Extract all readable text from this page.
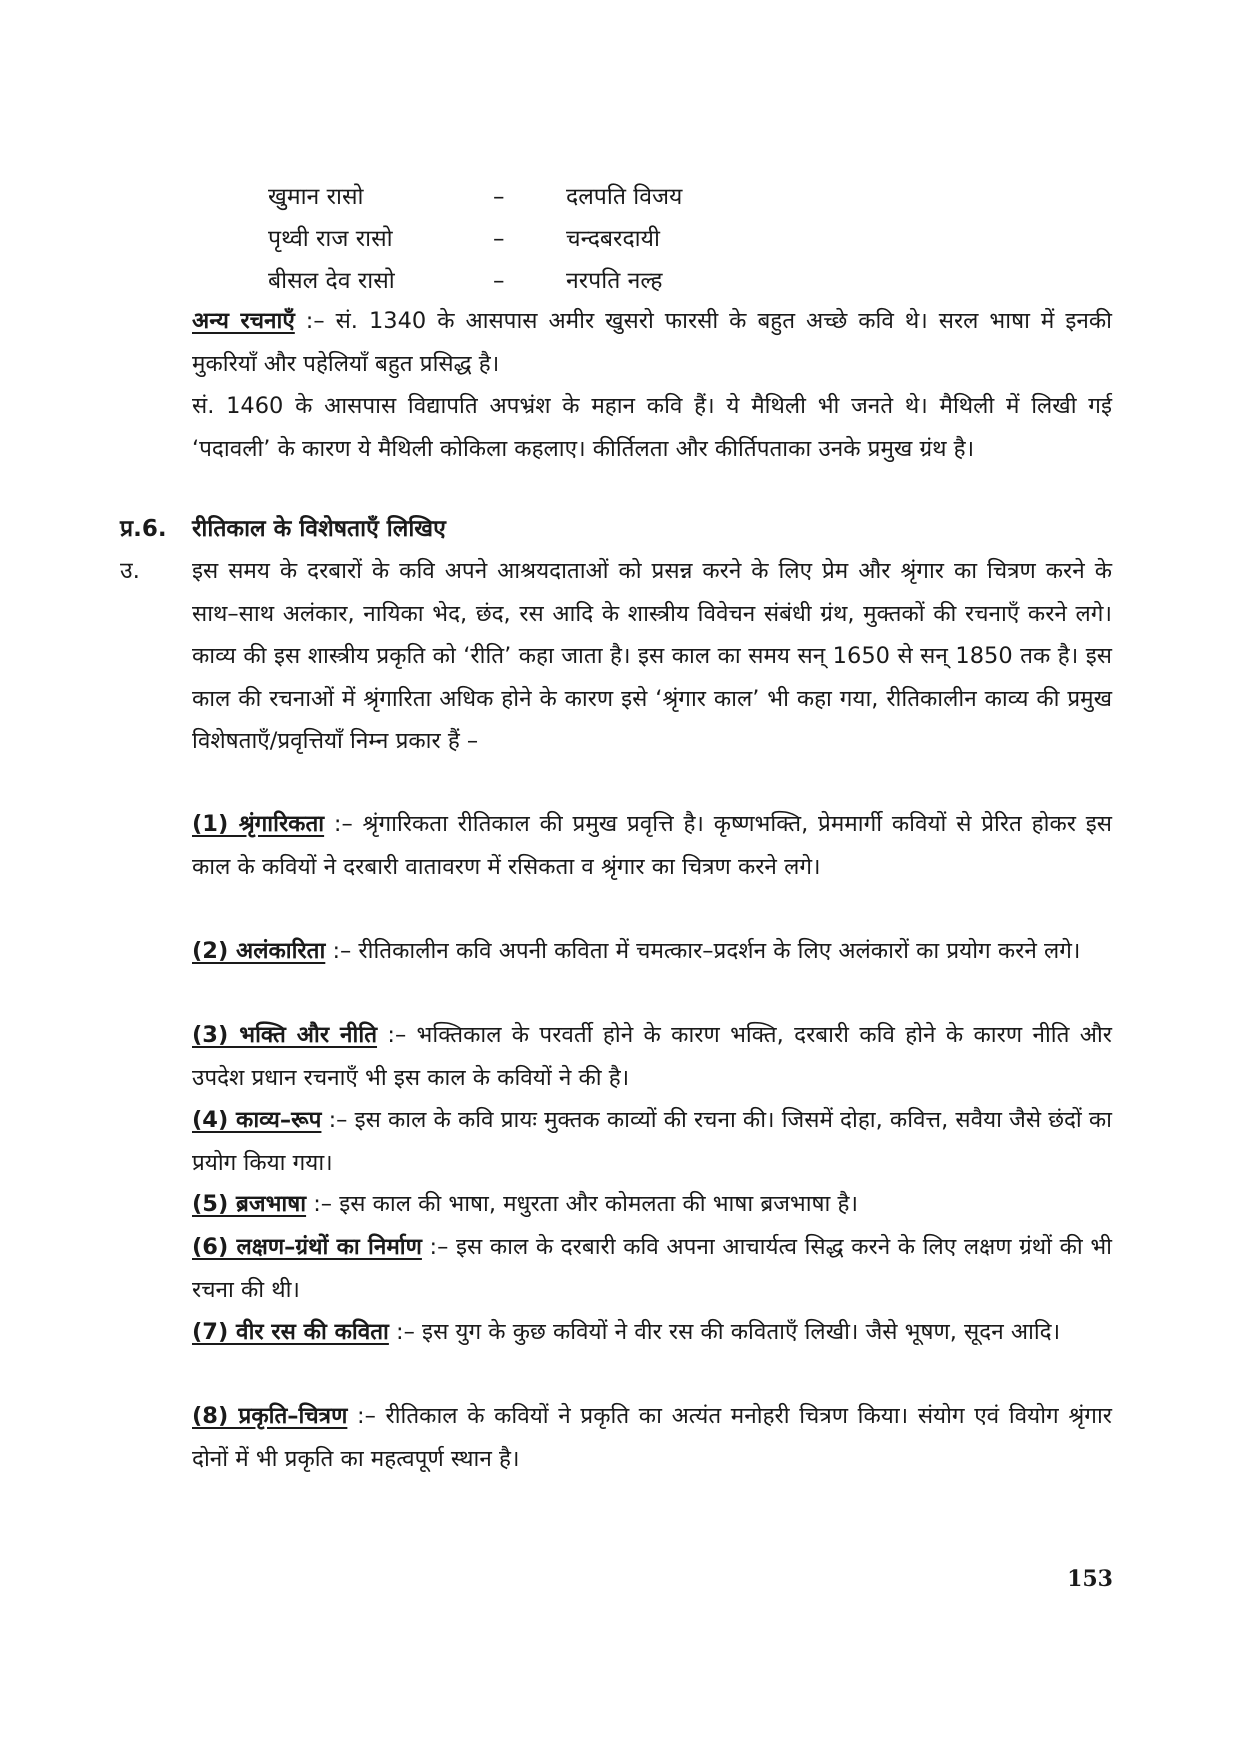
खुमान रासो	–	दलपति विजय
पृथ्वी राज रासो	–	चन्दबरदायी
बीसल देव रासो	–	नरपति नल्ह
अन्य रचनाएँ :– सं. 1340 के आसपास अमीर खुसरो फारसी के बहुत अच्छे कवि थे। सरल भाषा में इनकी मुकरियाँ और पहेलियाँ बहुत प्रसिद्ध है।
सं. 1460 के आसपास विद्यापति अपभ्रंश के महान कवि हैं। ये मैथिली भी जनते थे। मैथिली में लिखी गई ‘पदावली’ के कारण ये मैथिली कोकिला कहलाए। कीर्तिलता और कीर्तिपताका उनके प्रमुख ग्रंथ है।
प्र.6. रीतिकाल के विशेषताएँ लिखिए
उ. इस समय के दरबारों के कवि अपने आश्रयदाताओं को प्रसन्न करने के लिए प्रेम और श्रृंगार का चित्रण करने के साथ–साथ अलंकार, नायिका भेद, छंद, रस आदि के शास्त्रीय विवेचन संबंधी ग्रंथ, मुक्तकों की रचनाएँ करने लगे। काव्य की इस शास्त्रीय प्रकृति को ‘रीति’ कहा जाता है। इस काल का समय सन् 1650 से सन् 1850 तक है। इस काल की रचनाओं में श्रृंगारिता अधिक होने के कारण इसे ‘श्रृंगार काल’ भी कहा गया, रीतिकालीन काव्य की प्रमुख विशेषताएँ/प्रवृत्तियाँ निम्न प्रकार हैं –
(1) श्रृंगारिकता :– श्रृंगारिकता रीतिकाल की प्रमुख प्रवृत्ति है। कृष्णभक्ति, प्रेममार्गी कवियों से प्रेरित होकर इस काल के कवियों ने दरबारी वातावरण में रसिकता व श्रृंगार का चित्रण करने लगे।
(2) अलंकारिता :– रीतिकालीन कवि अपनी कविता में चमत्कार–प्रदर्शन के लिए अलंकारों का प्रयोग करने लगे।
(3) भक्ति और नीति :– भक्तिकाल के परवर्ती होने के कारण भक्ति, दरबारी कवि होने के कारण नीति और उपदेश प्रधान रचनाएँ भी इस काल के कवियों ने की है।
(4) काव्य–रूप :– इस काल के कवि प्रायः मुक्तक काव्यों की रचना की। जिसमें दोहा, कवित्त, सवैया जैसे छंदों का प्रयोग किया गया।
(5) ब्रजभाषा :– इस काल की भाषा, मधुरता और कोमलता की भाषा ब्रजभाषा है।
(6) लक्षण–ग्रंथों का निर्माण :– इस काल के दरबारी कवि अपना आचार्यत्व सिद्ध करने के लिए लक्षण ग्रंथों की भी रचना की थी।
(7) वीर रस की कविता :– इस युग के कुछ कवियों ने वीर रस की कविताएँ लिखी। जैसे भूषण, सूदन आदि।
(8) प्रकृति–चित्रण :– रीतिकाल के कवियों ने प्रकृति का अत्यंत मनोहरी चित्रण किया। संयोग एवं वियोग श्रृंगार दोनों में भी प्रकृति का महत्वपूर्ण स्थान है।
153
